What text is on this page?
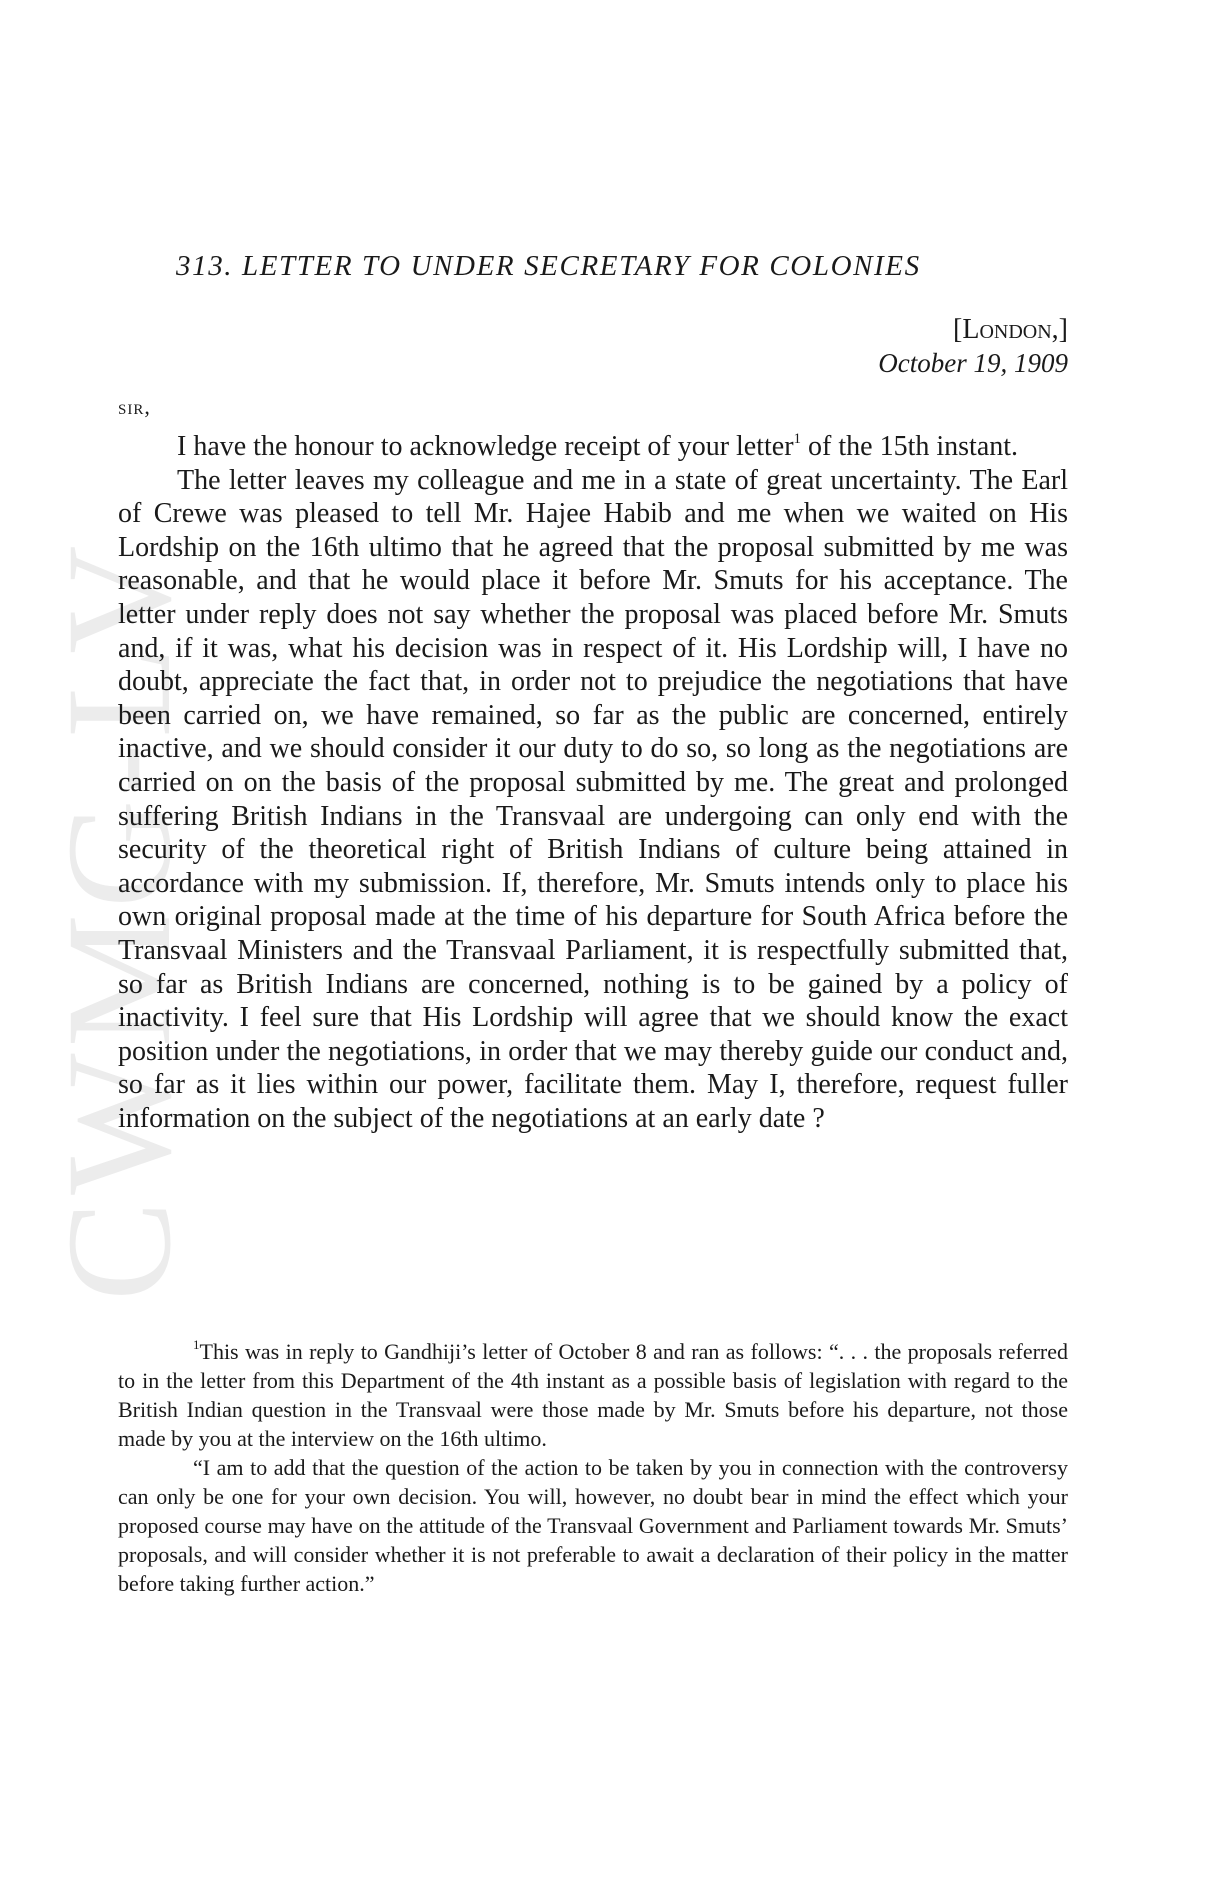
CWMG-LV
313. LETTER TO UNDER SECRETARY FOR COLONIES
[London,]
October 19, 1909
sir,

I have the honour to acknowledge receipt of your letter$^1$ of the 15th instant.

The letter leaves my colleague and me in a state of great uncertainty. The Earl of Crewe was pleased to tell Mr. Hajee Habib and me when we waited on His Lordship on the 16th ultimo that he agreed that the proposal submitted by me was reasonable, and that he would place it before Mr. Smuts for his acceptance. The letter under reply does not say whether the proposal was placed before Mr. Smuts and, if it was, what his decision was in respect of it. His Lordship will, I have no doubt, appreciate the fact that, in order not to prejudice the negotiations that have been carried on, we have remained, so far as the public are concerned, entirely inactive, and we should consider it our duty to do so, so long as the negotiations are carried on on the basis of the proposal submitted by me. The great and prolonged suffering British Indians in the Transvaal are undergoing can only end with the security of the theoretical right of British Indians of culture being attained in accordance with my submission. If, therefore, Mr. Smuts intends only to place his own original proposal made at the time of his departure for South Africa before the Transvaal Ministers and the Transvaal Parliament, it is respectfully submitted that, so far as British Indians are concerned, nothing is to be gained by a policy of inactivity. I feel sure that His Lordship will agree that we should know the exact position under the negotiations, in order that we may thereby guide our conduct and, so far as it lies within our power, facilitate them. May I, therefore, request fuller information on the subject of the negotiations at an early date ?

$^1$This was in reply to Gandhiji’s letter of October 8 and ran as follows: “. . . the proposals referred to in the letter from this Department of the 4th instant as a possible basis of legislation with regard to the British Indian question in the Transvaal were those made by Mr. Smuts before his departure, not those made by you at the interview on the 16th ultimo.

“I am to add that the question of the action to be taken by you in connection with the controversy can only be one for your own decision. You will, however, no doubt bear in mind the effect which your proposed course may have on the attitude of the Transvaal Government and Parliament towards Mr. Smuts’ proposals, and will consider whether it is not preferable to await a declaration of their policy in the matter before taking further action.”
